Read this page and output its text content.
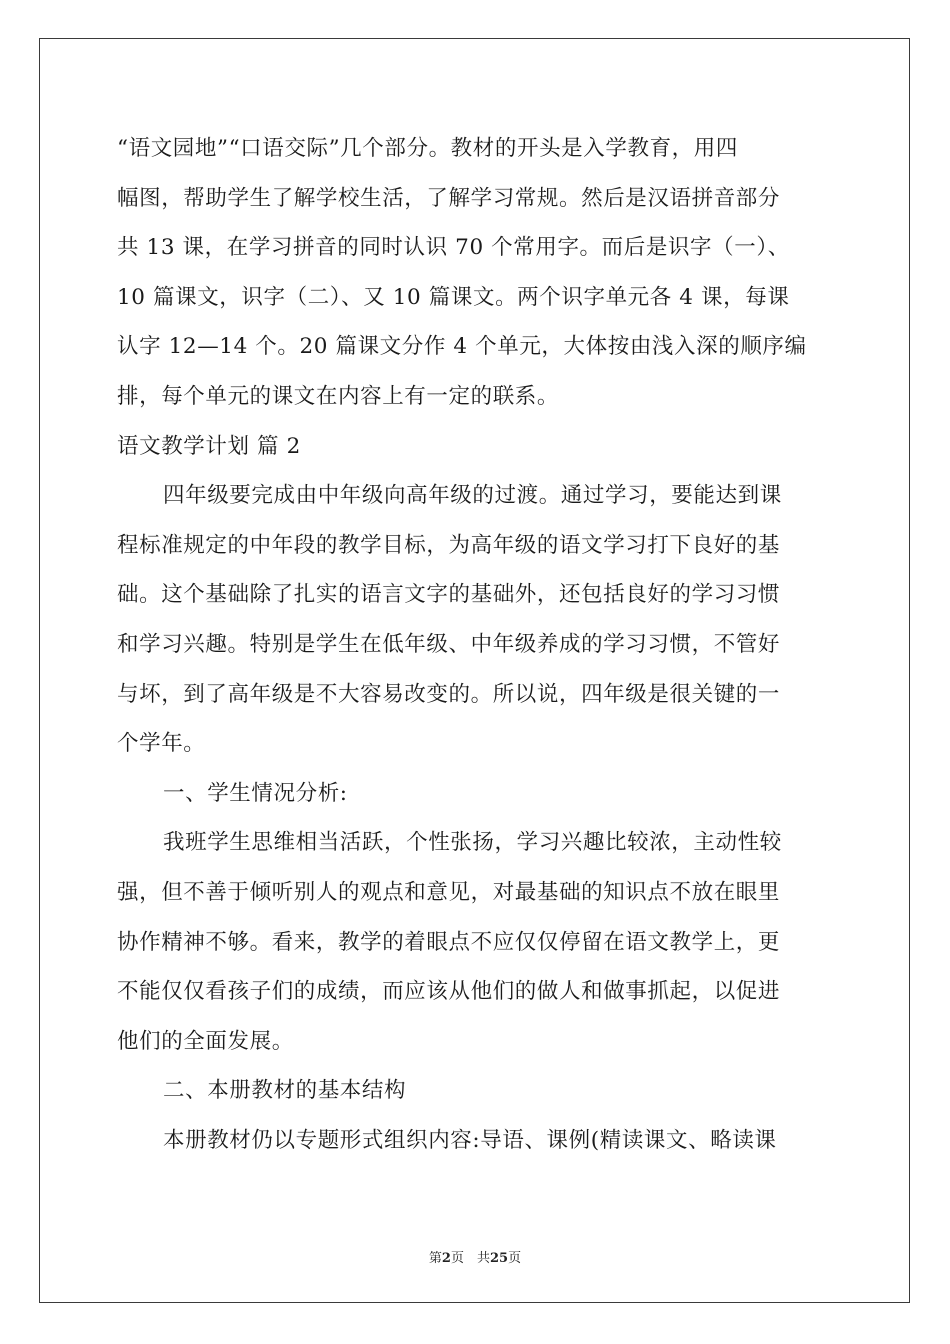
“语文园地”“口语交际”几个部分。教材的开头是入学教育，用四
幅图，帮助学生了解学校生活，了解学习常规。然后是汉语拼音部分
共 13 课，在学习拼音的同时认识 70 个常用字。而后是识字（一）、
10 篇课文，识字（二）、又 10 篇课文。两个识字单元各 4 课，每课
认字 12—14 个。20 篇课文分作 4 个单元，大体按由浅入深的顺序编
排，每个单元的课文在内容上有一定的联系。
语文教学计划 篇 2
四年级要完成由中年级向高年级的过渡。通过学习，要能达到课
程标准规定的中年段的教学目标，为高年级的语文学习打下良好的基
础。这个基础除了扎实的语言文字的基础外，还包括良好的学习习惯
和学习兴趣。特别是学生在低年级、中年级养成的学习习惯，不管好
与坏，到了高年级是不大容易改变的。所以说，四年级是很关键的一
个学年。
一、学生情况分析:
我班学生思维相当活跃，个性张扬，学习兴趣比较浓，主动性较
强，但不善于倾听别人的观点和意见，对最基础的知识点不放在眼里
协作精神不够。看来，教学的着眼点不应仅仅停留在语文教学上，更
不能仅仅看孩子们的成绩，而应该从他们的做人和做事抓起，以促进
他们的全面发展。
二、本册教材的基本结构
本册教材仍以专题形式组织内容:导语、课例(精读课文、略读课
第2页　共25页
